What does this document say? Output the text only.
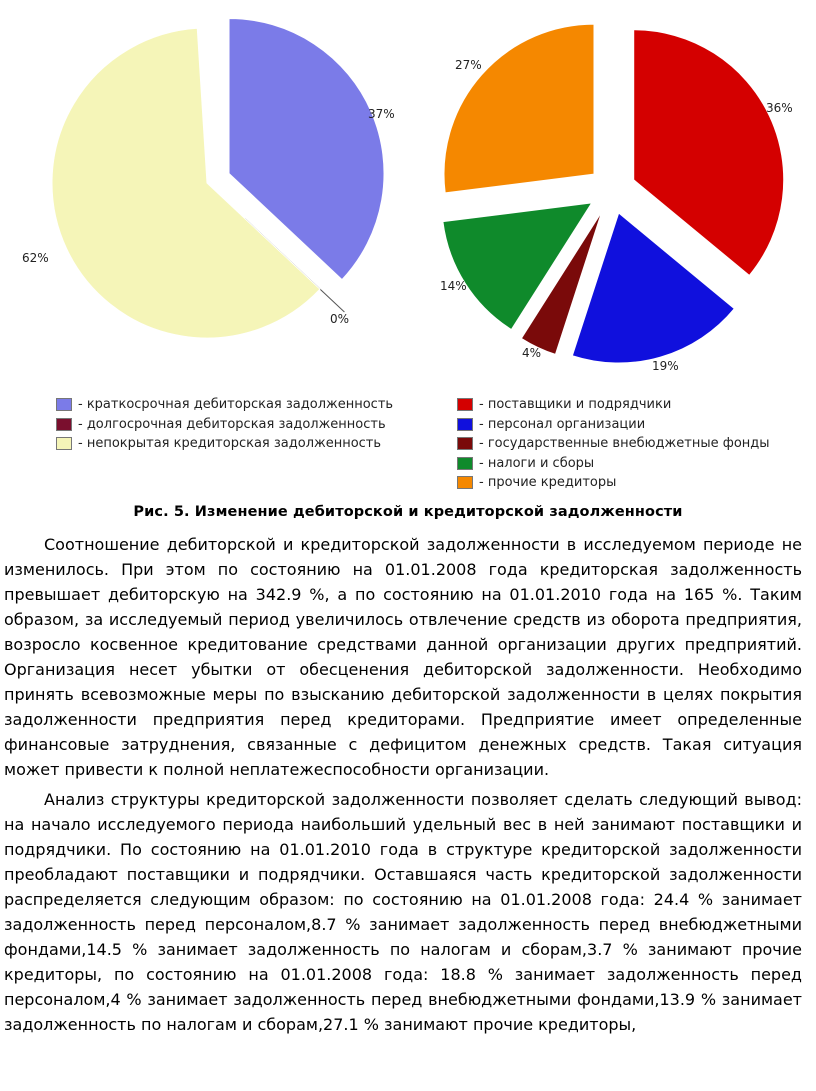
37%
0%
62%
36%
19%
4%
14%
27%
- краткосрочная дебиторская задолженность
- долгосрочная дебиторская задолженность
- непокрытая кредиторская задолженность
- поставщики и подрядчики
- персонал организации
- государственные внебюджетные фонды
- налоги и сборы
- прочие кредиторы
Рис. 5. Изменение дебиторской и кредиторской задолженности

Соотношение дебиторской и кредиторской задолженности в исследуемом периоде не изменилось. При этом по состоянию на 01.01.2008 года кредиторская задолженность превышает дебиторскую на 342.9 %, а по состоянию на 01.01.2010 года на 165 %. Таким образом, за исследуемый период увеличилось отвлечение средств из оборота предприятия, возросло косвенное кредитование средствами данной организации других предприятий. Организация несет убытки от обесценения дебиторской задолженности. Необходимо принять всевозможные меры по взысканию дебиторской задолженности в целях покрытия задолженности предприятия перед кредиторами. Предприятие имеет определенные финансовые затруднения, связанные с дефицитом денежных средств. Такая ситуация может привести к полной неплатежеспособности организации.

Анализ структуры кредиторской задолженности позволяет сделать следующий вывод: на начало исследуемого периода наибольший удельный вес в ней занимают поставщики и подрядчики. По состоянию на 01.01.2010 года в структуре кредиторской задолженности преобладают поставщики и подрядчики. Оставшаяся часть кредиторской задолженности распределяется следующим образом: по состоянию на 01.01.2008 года: 24.4 % занимает задолженность перед персоналом,8.7 % занимает задолженность перед внебюджетными фондами,14.5 % занимает задолженность по налогам и сборам,3.7 % занимают прочие кредиторы, по состоянию на 01.01.2008 года: 18.8 % занимает задолженность перед персоналом,4 % занимает задолженность перед внебюджетными фондами,13.9 % занимает задолженность по налогам и сборам,27.1 % занимают прочие кредиторы,
